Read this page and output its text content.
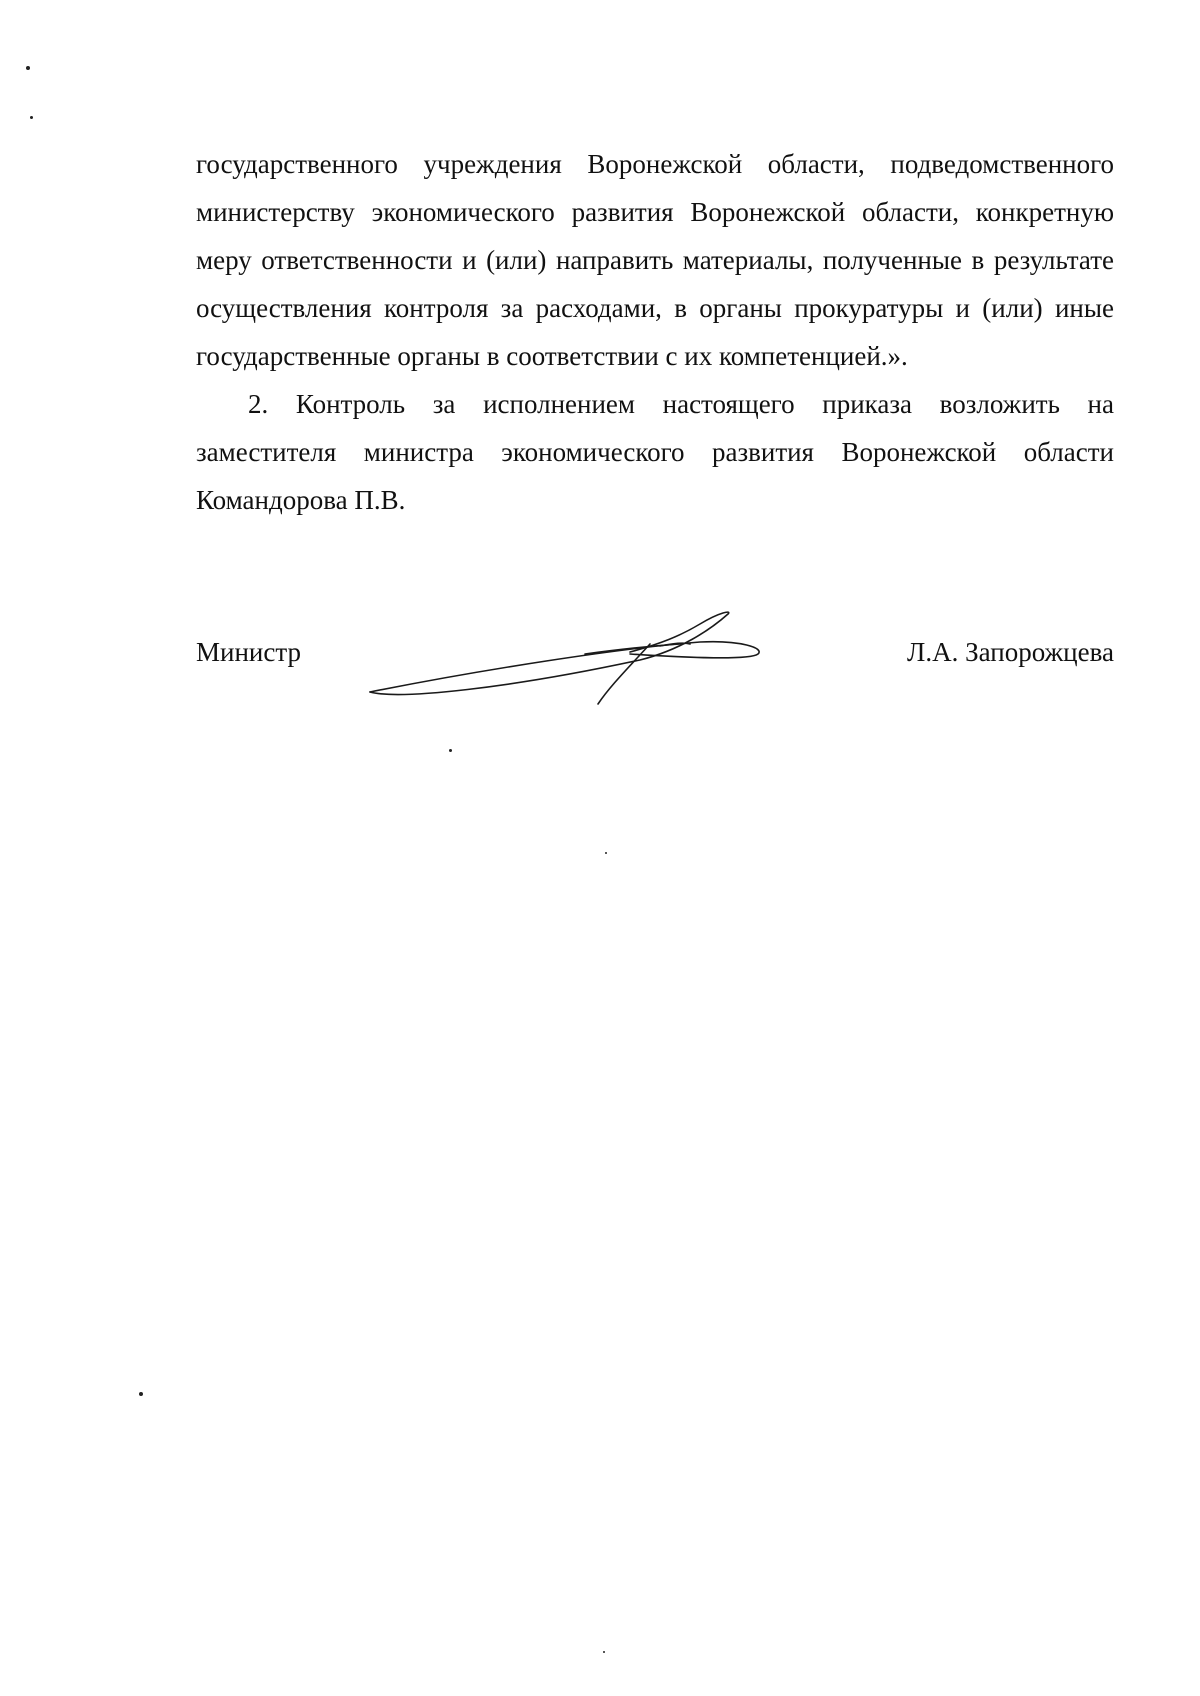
государственного учреждения Воронежской области, подведомственного
министерству экономического развития Воронежской области, конкретную
меру ответственности и (или) направить материалы, полученные в результате
осуществления контроля за расходами, в органы прокуратуры и (или) иные
государственные органы в соответствии с их компетенцией.».
2. Контроль за исполнением настоящего приказа возложить на
заместителя министра экономического развития Воронежской области
Командорова П.В.
Министр	Л.А. Запорожцева
